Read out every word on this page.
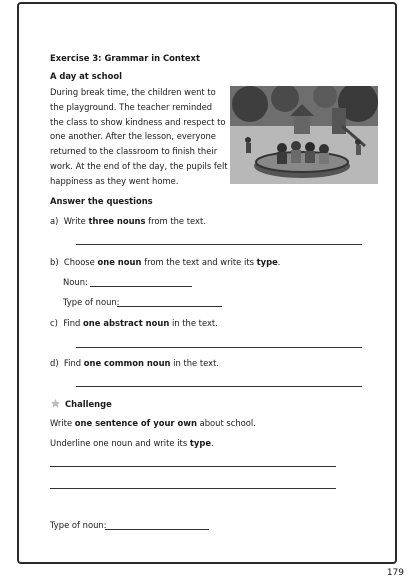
Exercise 3: Grammar in Context
A day at school
During break time, the children went to the playground. The teacher reminded the class to show kindness and respect to one another. After the lesson, everyone returned to the classroom to finish their work. At the end of the day, the pupils felt happiness as they went home.
Answer the questions
a)  Write three nouns from the text.
b)  Choose one noun from the text and write its type.
Noun:
Type of noun:
c)  Find one abstract noun in the text.
d)  Find one common noun in the text.
Challenge
Write one sentence of your own about school.
Underline one noun and write its type.
Type of noun:
179
